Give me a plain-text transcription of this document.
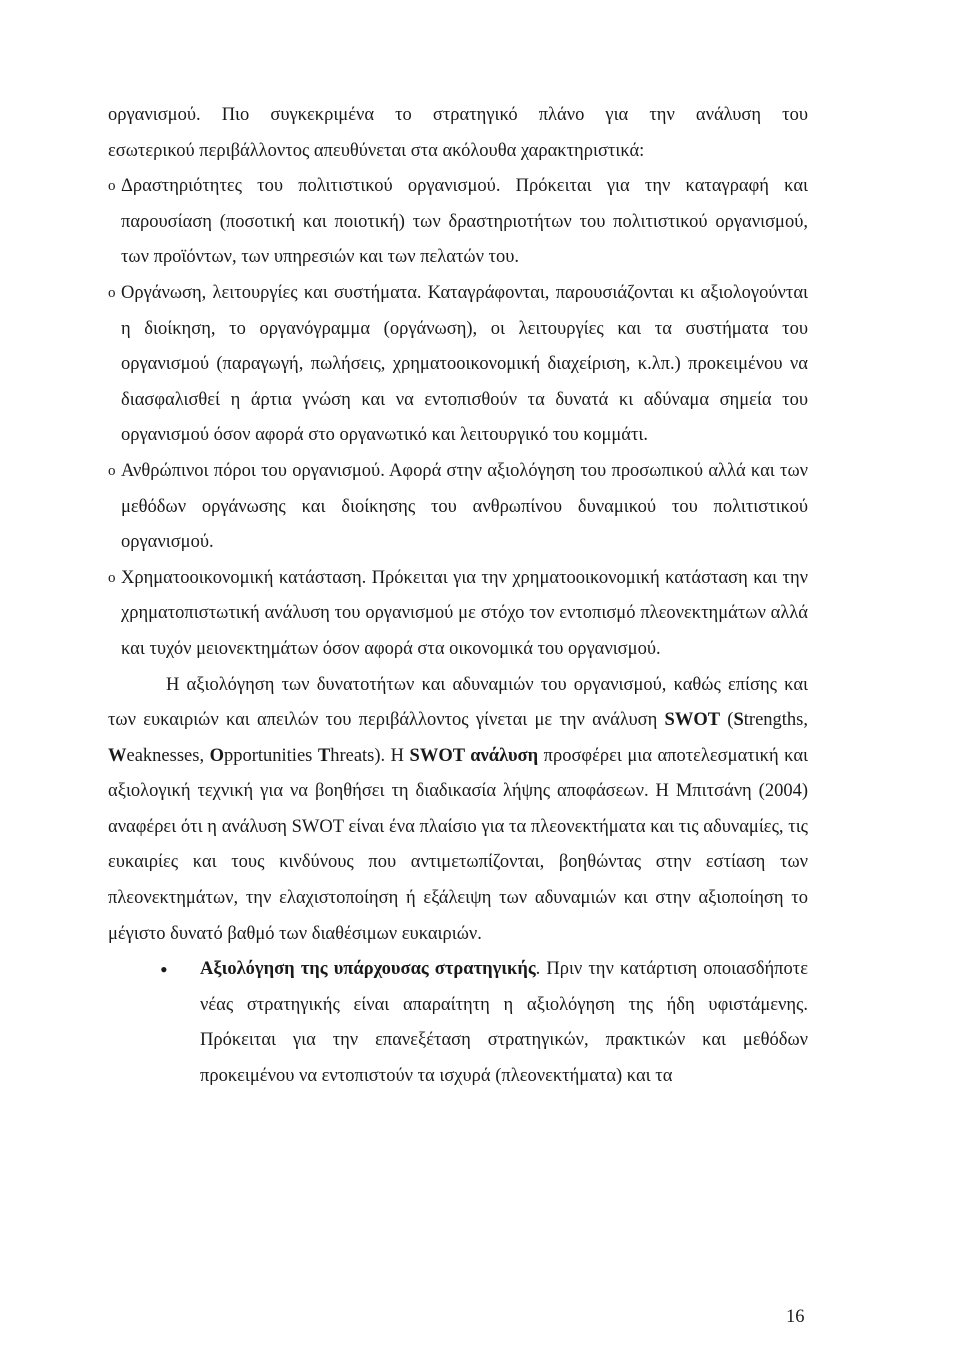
οργανισμού. Πιο συγκεκριμένα το στρατηγικό πλάνο για την ανάλυση του

εσωτερικού περιβάλλοντος απευθύνεται στα ακόλουθα χαρακτηριστικά:

o Δραστηριότητες του πολιτιστικού οργανισμού. Πρόκειται για την καταγραφή και παρουσίαση (ποσοτική και ποιοτική) των δραστηριοτήτων του πολιτιστικού οργανισμού, των προϊόντων, των υπηρεσιών και των πελατών του.

o Οργάνωση, λειτουργίες και συστήματα. Καταγράφονται, παρουσιάζονται κι αξιολογούνται η διοίκηση, το οργανόγραμμα (οργάνωση), οι λειτουργίες και τα συστήματα του οργανισμού (παραγωγή, πωλήσεις, χρηματοοικονομική διαχείριση, κ.λπ.) προκειμένου να διασφαλισθεί η άρτια γνώση και να εντοπισθούν τα δυνατά κι αδύναμα σημεία του οργανισμού όσον αφορά στο οργανωτικό και λειτουργικό του κομμάτι.

o Ανθρώπινοι πόροι του οργανισμού. Αφορά στην αξιολόγηση του προσωπικού αλλά και των μεθόδων οργάνωσης και διοίκησης του ανθρωπίνου δυναμικού του πολιτιστικού οργανισμού.

o Χρηματοοικονομική κατάσταση. Πρόκειται για την χρηματοοικονομική κατάσταση και την χρηματοπιστωτική ανάλυση του οργανισμού με στόχο τον εντοπισμό πλεονεκτημάτων αλλά και τυχόν μειονεκτημάτων όσον αφορά στα οικονομικά του οργανισμού.

Η αξιολόγηση των δυνατοτήτων και αδυναμιών του οργανισμού, καθώς επίσης και των ευκαιριών και απειλών του περιβάλλοντος γίνεται με την ανάλυση SWOT (Strengths, Weaknesses, Opportunities Threats). Η SWOT ανάλυση προσφέρει μια αποτελεσματική και αξιολογική τεχνική για να βοηθήσει τη διαδικασία λήψης αποφάσεων. Η Μπιτσάνη (2004) αναφέρει ότι η ανάλυση SWOT είναι ένα πλαίσιο για τα πλεονεκτήματα και τις αδυναμίες, τις ευκαιρίες και τους κινδύνους που αντιμετωπίζονται, βοηθώντας στην εστίαση των πλεονεκτημάτων, την ελαχιστοποίηση ή εξάλειψη των αδυναμιών και στην αξιοποίηση το μέγιστο δυνατό βαθμό των διαθέσιμων ευκαιριών.

• Αξιολόγηση της υπάρχουσας στρατηγικής. Πριν την κατάρτιση οποιασδήποτε νέας στρατηγικής είναι απαραίτητη η αξιολόγηση της ήδη υφιστάμενης. Πρόκειται για την επανεξέταση στρατηγικών, πρακτικών και μεθόδων προκειμένου να εντοπιστούν τα ισχυρά (πλεονεκτήματα) και τα

16
